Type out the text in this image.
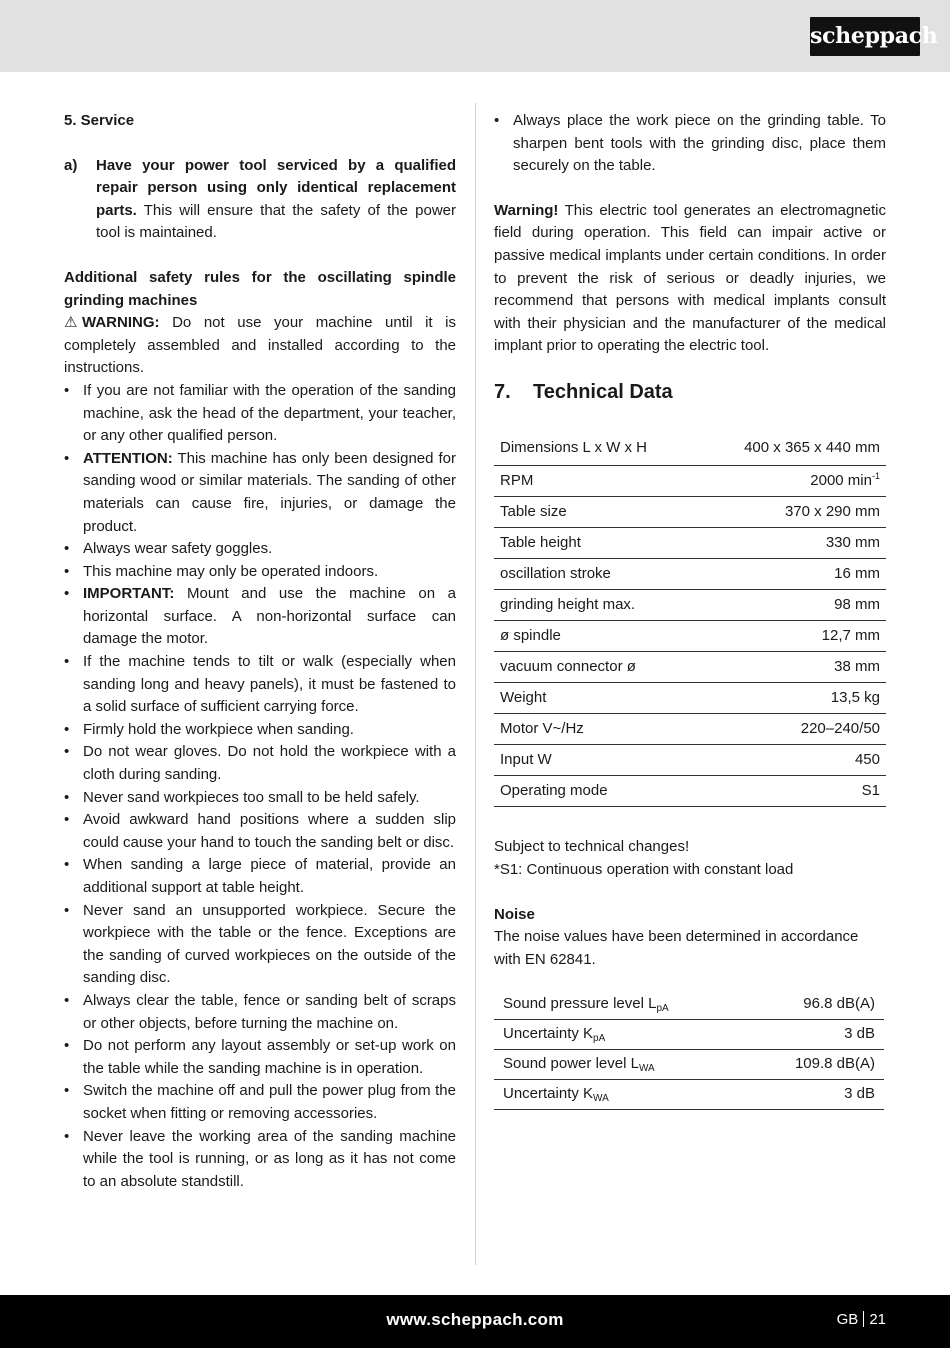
scheppach
5. Service
a)	Have your power tool serviced by a qualified repair person using only identical replacement parts. This will ensure that the safety of the power tool is maintained.
Additional safety rules for the oscillating spindle grinding machines
⚠ WARNING: Do not use your machine until it is completely assembled and installed according to the instructions.
• If you are not familiar with the operation of the sanding machine, ask the head of the department, your teacher, or any other qualified person.
• ATTENTION: This machine has only been designed for sanding wood or similar materials. The sanding of other materials can cause fire, injuries, or damage the product.
• Always wear safety goggles.
• This machine may only be operated indoors.
• IMPORTANT: Mount and use the machine on a horizontal surface. A non-horizontal surface can damage the motor.
• If the machine tends to tilt or walk (especially when sanding long and heavy panels), it must be fastened to a solid surface of sufficient carrying force.
• Firmly hold the workpiece when sanding.
• Do not wear gloves. Do not hold the workpiece with a cloth during sanding.
• Never sand workpieces too small to be held safely.
• Avoid awkward hand positions where a sudden slip could cause your hand to touch the sanding belt or disc.
• When sanding a large piece of material, provide an additional support at table height.
• Never sand an unsupported workpiece. Secure the workpiece with the table or the fence. Exceptions are the sanding of curved workpieces on the outside of the sanding disc.
• Always clear the table, fence or sanding belt of scraps or other objects, before turning the machine on.
• Do not perform any layout assembly or set-up work on the table while the sanding machine is in operation.
• Switch the machine off and pull the power plug from the socket when fitting or removing accessories.
• Never leave the working area of the sanding machine while the tool is running, or as long as it has not come to an absolute standstill.
• Always place the work piece on the grinding table. To sharpen bent tools with the grinding disc, place them securely on the table.
Warning! This electric tool generates an electromagnetic field during operation. This field can impair active or passive medical implants under certain conditions. In order to prevent the risk of serious or deadly injuries, we recommend that persons with medical implants consult with their physician and the manufacturer of the medical implant prior to operating the electric tool.
7. Technical Data
Dimensions L x W x H	400 x 365 x 440 mm
RPM	2000 $\min^{-1}$
Table size	370 x 290 mm
Table height	330 mm
oscillation stroke	16 mm
grinding height max.	98 mm
ø spindle	12,7 mm
vacuum connector ø	38 mm
Weight	13,5 kg
Motor V~/Hz	220–240/50
Input W	450
Operating mode	S1
Subject to technical changes!
*S1: Continuous operation with constant load
Noise
The noise values have been determined in accordance with EN 62841.
Sound pressure level $L_{pA}$	96.8 dB(A)
Uncertainty $K_{pA}$	3 dB
Sound power level $L_{WA}$	109.8 dB(A)
Uncertainty $K_{WA}$	3 dB
www.scheppach.com	GB 21
